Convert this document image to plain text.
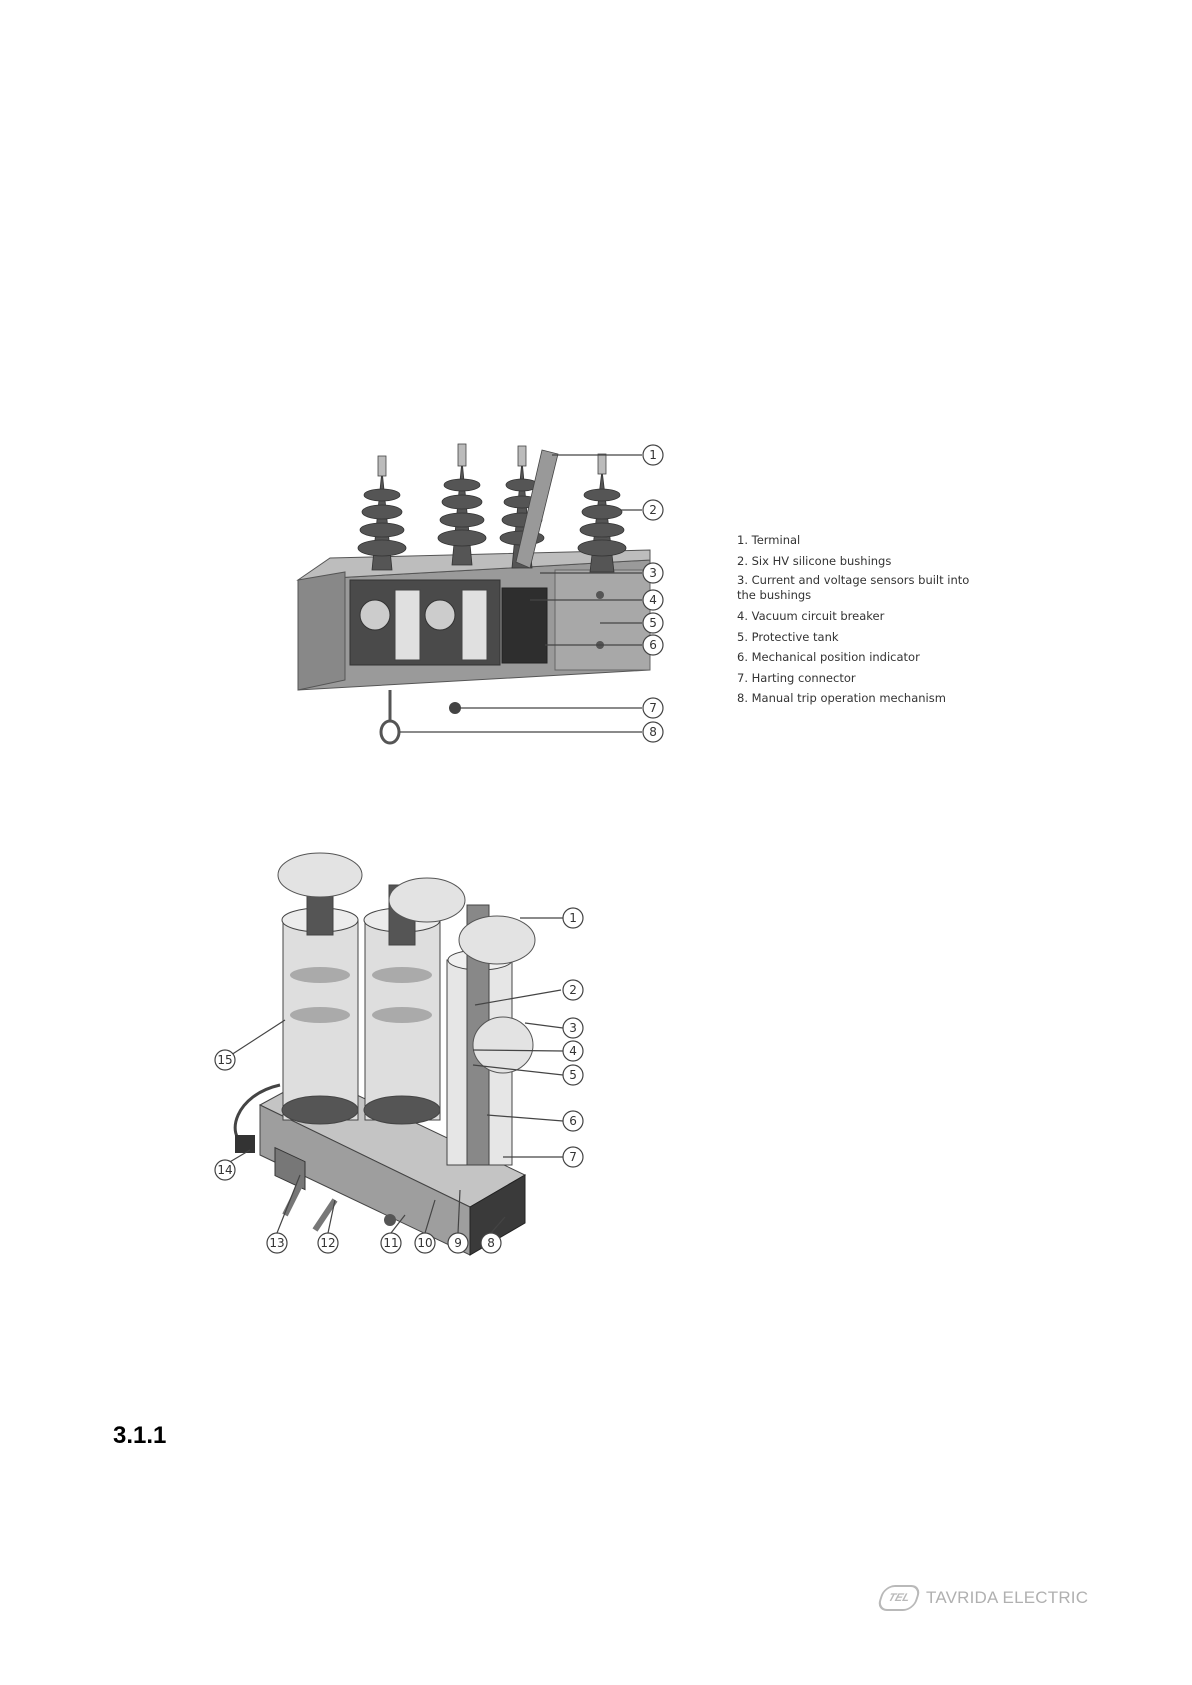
1
2
3
4
5
6
7
8
1. Terminal
2. Six HV silicone bushings
3. Current and voltage sensors built into the bushings
4. Vacuum circuit breaker
5. Protective tank
6. Mechanical position indicator
7. Harting connector
8. Manual trip operation mechanism
1
2
3
4
5
6
7
8
9
10
11
12
13
14
15
3.1.1
TEL TAVRIDA ELECTRIC
